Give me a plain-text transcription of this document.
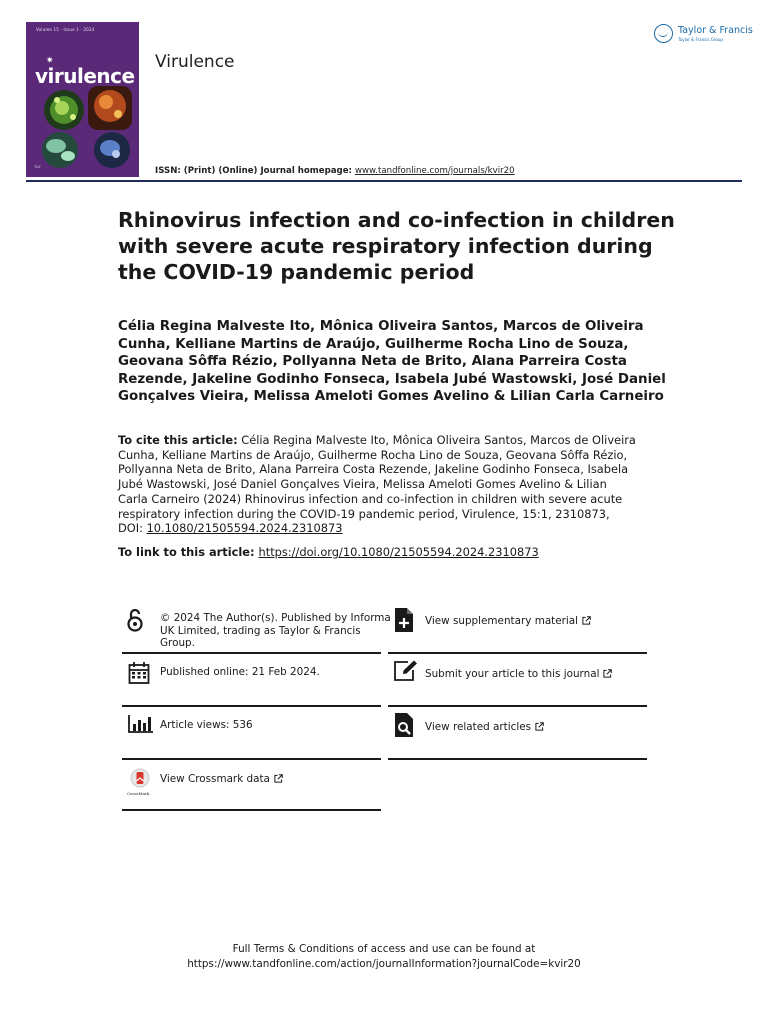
Volume 15 · Issue 1 · 2024
✷
virulence
T&F
Virulence
ISSN: (Print) (Online) Journal homepage: www.tandfonline.com/journals/kvir20
Taylor & Francis
Taylor & Francis Group
Rhinovirus infection and co-infection in children with severe acute respiratory infection during the COVID-19 pandemic period

Célia Regina Malveste Ito, Mônica Oliveira Santos, Marcos de Oliveira Cunha, Kelliane Martins de Araújo, Guilherme Rocha Lino de Souza, Geovana Sôffa Rézio, Pollyanna Neta de Brito, Alana Parreira Costa Rezende, Jakeline Godinho Fonseca, Isabela Jubé Wastowski, José Daniel Gonçalves Vieira, Melissa Ameloti Gomes Avelino & Lilian Carla Carneiro

To cite this article: Célia Regina Malveste Ito, Mônica Oliveira Santos, Marcos de Oliveira Cunha, Kelliane Martins de Araújo, Guilherme Rocha Lino de Souza, Geovana Sôffa Rézio, Pollyanna Neta de Brito, Alana Parreira Costa Rezende, Jakeline Godinho Fonseca, Isabela Jubé Wastowski, José Daniel Gonçalves Vieira, Melissa Ameloti Gomes Avelino & Lilian Carla Carneiro (2024) Rhinovirus infection and co-infection in children with severe acute respiratory infection during the COVID-19 pandemic period, Virulence, 15:1, 2310873, DOI: 10.1080/21505594.2024.2310873

To link to this article: https://doi.org/10.1080/21505594.2024.2310873
© 2024 The Author(s). Published by Informa
UK Limited, trading as Taylor & Francis
Group.
Published online: 21 Feb 2024.
Article views: 536
CrossMark
View Crossmark data
View supplementary material
Submit your article to this journal
View related articles
Full Terms & Conditions of access and use can be found at
https://www.tandfonline.com/action/journalInformation?journalCode=kvir20
